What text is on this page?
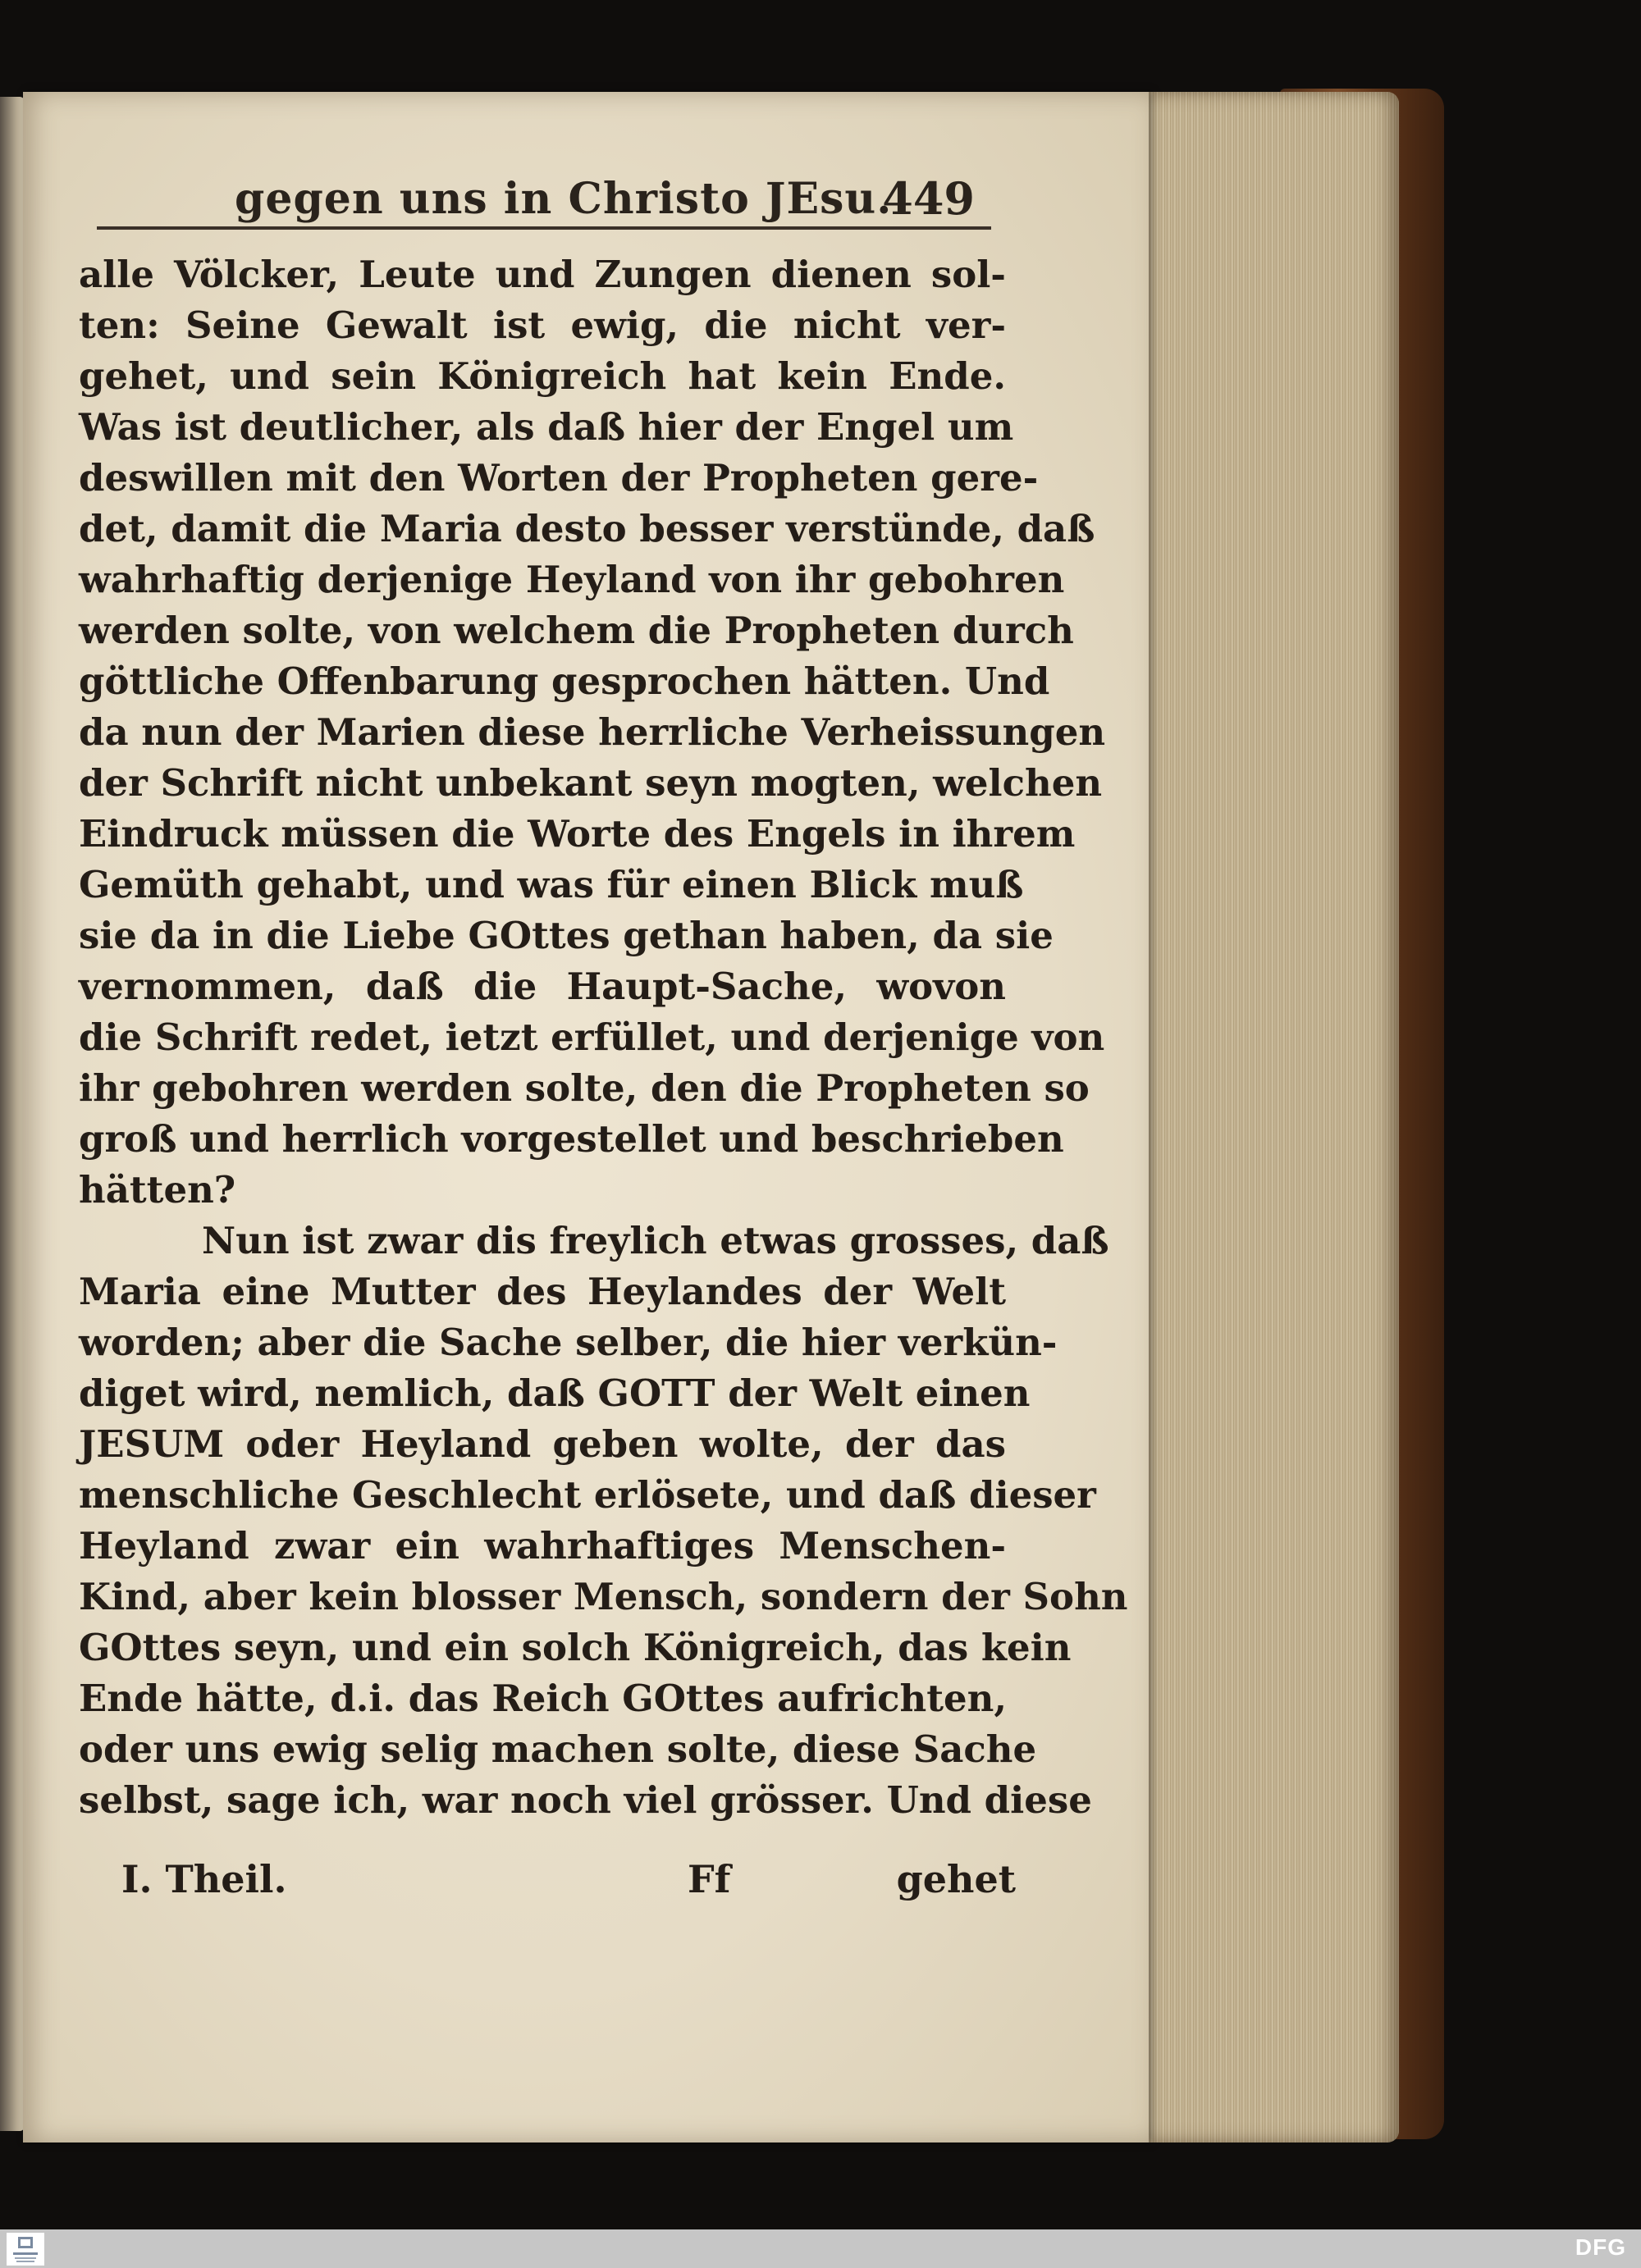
gegen uns in Christo JEsu.
449
alle Völcker, Leute und Zungen dienen sol-
ten: Seine Gewalt ist ewig, die nicht ver-
gehet, und sein Königreich hat kein Ende.
Was ist deutlicher, als daß hier der Engel um
deswillen mit den Worten der Propheten gere-
det, damit die Maria desto besser verstünde, daß
wahrhaftig derjenige Heyland von ihr gebohren
werden solte, von welchem die Propheten durch
göttliche Offenbarung gesprochen hätten. Und
da nun der Marien diese herrliche Verheissungen
der Schrift nicht unbekant seyn mogten, welchen
Eindruck müssen die Worte des Engels in ihrem
Gemüth gehabt, und was für einen Blick muß
sie da in die Liebe GOttes gethan haben, da sie
vernommen, daß die Haupt-Sache, wovon
die Schrift redet, ietzt erfüllet, und derjenige von
ihr gebohren werden solte, den die Propheten so
groß und herrlich vorgestellet und beschrieben
hätten?
Nun ist zwar dis freylich etwas grosses, daß
Maria eine Mutter des Heylandes der Welt
worden; aber die Sache selber, die hier verkün-
diget wird, nemlich, daß GOTT der Welt einen
JESUM oder Heyland geben wolte, der das
menschliche Geschlecht erlösete, und daß dieser
Heyland zwar ein wahrhaftiges Menschen-
Kind, aber kein blosser Mensch, sondern der Sohn
GOttes seyn, und ein solch Königreich, das kein
Ende hätte, d.i. das Reich GOttes aufrichten,
oder uns ewig selig machen solte, diese Sache
selbst, sage ich, war noch viel grösser. Und diese
I. Theil.	Ff	gehet
DFG
